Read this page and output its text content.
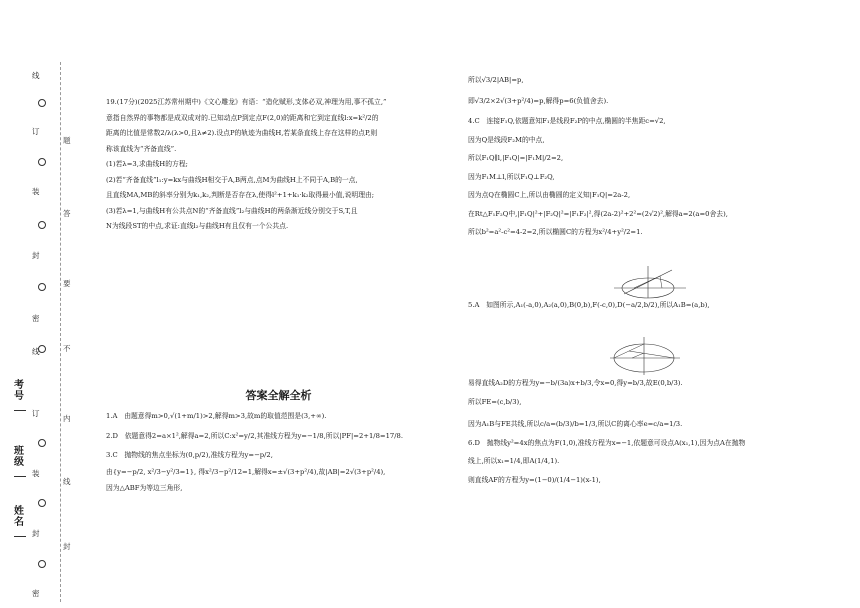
线
订
装
封
密
线
订
装
封
密
题
答
要
不
内
线
封
考号
班级
姓名

19.(17分)(2025江苏常州期中)《文心雕龙》有语：“造化赋形,支体必双,神理为用,事不孤立,”

意指自然界的事物都是成双成对的.已知动点P到定点F(2,0)的距离和它到定直线l:x=k²/2的

距离的比值是常数2/λ(λ>0,且λ≠2).设点P的轨迹为曲线H,若某条直线上存在这样的点P,则

称该直线为“齐备直线”.

(1)若λ=3,求曲线H的方程;

(2)若“齐备直线”l₁:y=kx与曲线H相交于A,B两点,点M为曲线H上不同于A,B的一点,

且直线MA,MB的斜率分别为k₁,k₂,判断是否存在λ,使得l²+1+k₁·k₂取得最小值,说明理由;

(3)若λ=1,与曲线H有公共点N的“齐备直线”l₂与曲线H的两条渐近线分别交于S,T,且

N为线段ST的中点,求证:直线l₂与曲线H有且仅有一个公共点.

答案全解全析

1.A　由题意得m>0,√(1+m/1)>2,解得m>3,故m的取值范围是(3,+∞).

2.D　依题意得2=a×1²,解得a=2,所以C:x²=y/2,其准线方程为y=−1/8,所以|PF|=2+1/8=17/8.

3.C　抛物线的焦点坐标为(0,p/2),准线方程为y=−p/2,

由{y=−p/2, x²/3−y²/3=1}, 得x²/3−p²/12=1,解得x=±√(3+p²/4),故|AB|=2√(3+p²/4),

因为△ABF为等边三角形,

所以√3/2|AB|=p,

即√3/2×2√(3+p²/4)=p,解得p=6(负值舍去).

4.C　连接F₁Q,依题意知F₁是线段F₂P的中点,椭圆的半焦距c=√2,

因为Q是线段F₂M的中点,

所以F₁Q∥l,|F₁Q|=|F₁M|/2=2,

因为F₁M⊥l,所以F₁Q⊥F₂Q,

因为点Q在椭圆C上,所以由椭圆的定义知|F₁Q|=2a-2,

在Rt△F₁F₂Q中,|F₁Q|²+|F₂Q|²=|F₁F₂|²,得(2a-2)²+2²=(2√2)²,解得a=2(a=0舍去),

所以b²=a²-c²=4-2=2,所以椭圆C的方程为x²/4+y²/2=1.

5.A　如图所示,A₁(-a,0),A₂(a,0),B(0,b),F(-c,0),D(−a/2,b/2),所以A₁B=(a,b),

易得直线A₂D的方程为y=−b/(3a)x+b/3,令x=0,得y=b/3,故E(0,b/3).

所以FE=(c,b/3),

因为A₁B与FE共线,所以c/a=(b/3)/b=1/3,所以C的离心率e=c/a=1/3.

6.D　抛物线y²=4x的焦点为F(1,0),准线方程为x=−1,依题意可设点A(x₁,1),因为点A在抛物

线上,所以x₁=1/4,即A(1/4,1).

则直线AF的方程为y=(1−0)/(1/4−1)(x-1),
